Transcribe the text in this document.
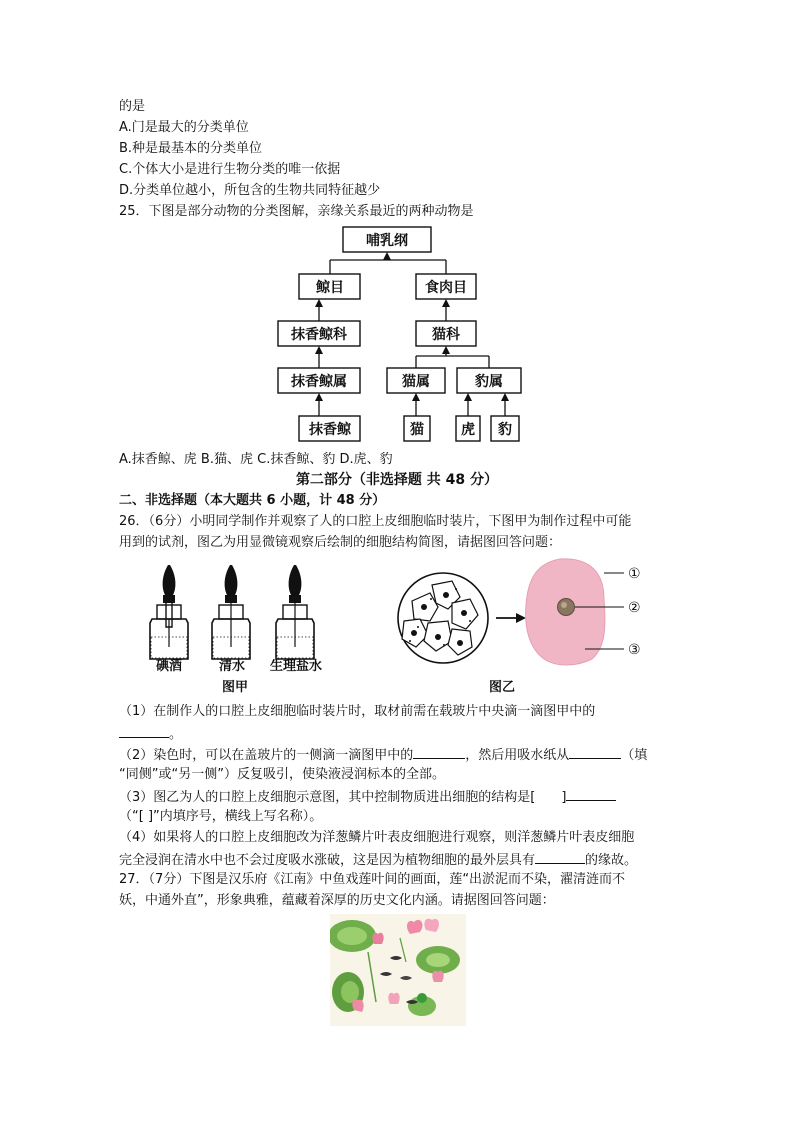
的是
A.门是最大的分类单位
B.种是最基本的分类单位
C.个体大小是进行生物分类的唯一依据
D.分类单位越小，所包含的生物共同特征越少
25．下图是部分动物的分类图解，亲缘关系最近的两种动物是
哺乳纲
鲸目	食肉目
抹香鲸科	猫科
抹香鲸属	猫属	豹属
抹香鲸	猫	虎 豹
A.抹香鲸、虎 B.猫、虎 C.抹香鲸、豹 D.虎、豹
第二部分（非选择题 共 48 分）
二、非选择题（本大题共 6 小题，计 48 分）
26．（6分）小明同学制作并观察了人的口腔上皮细胞临时装片，下图甲为制作过程中可能
用到的试剂，图乙为用显微镜观察后绘制的细胞结构简图，请据图回答问题：
碘酒	清水 生理盐水
图甲
①
②
③
图乙
（1）在制作人的口腔上皮细胞临时装片时，取材前需在载玻片中央滴一滴图甲中的
。
（2）染色时，可以在盖玻片的一侧滴一滴图甲中的	，然后用吸水纸从	（填
“同侧”或“另一侧”）反复吸引，使染液浸润标本的全部。
（3）图乙为人的口腔上皮细胞示意图，其中控制物质进出细胞的结构是[ ]
（“[ ]”内填序号，横线上写名称）。
（4）如果将人的口腔上皮细胞改为洋葱鳞片叶表皮细胞进行观察，则洋葱鳞片叶表皮细胞
完全浸润在清水中也不会过度吸水涨破，这是因为植物细胞的最外层具有	的缘故。
27．（7分）下图是汉乐府《江南》中鱼戏莲叶间的画面，莲“出淤泥而不染，濯清涟而不
妖，中通外直”，形象典雅，蕴藏着深厚的历史文化内涵。请据图回答问题：
